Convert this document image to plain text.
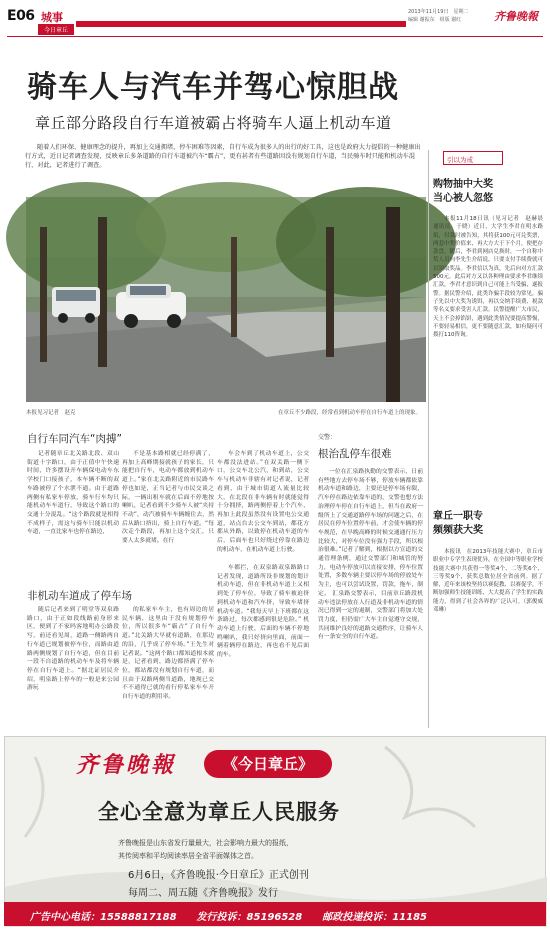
E06 城事
今日章丘
2013年11月19日　星期二
编辑 谢振东　组版 谢红	齐鲁晚報
骑车人与汽车并驾心惊胆战
章丘部分路段自行车道被霸占将骑车人逼上机动车道
随着人们环保、健康理念的提升，再加上交通拥堵，停车困难等因素，自行车成为很多人的出行的好工具，这也是政府大力提倡的一种健康出行方式，近日记者调查发现，反映章丘多条道路的自行车道被汽车“霸占”，更有甚者有些道路因没有规划自行车道，当民骑车时只能和机动车混行，对此，记者进行了调查。
本报见习记者　赵克	在章丘不少路段，经常看到机动车停在自行车道上的现象。
自行车同汽车“肉搏”
记者随章丘北关路北段、双山街道十字路口，由于正值中午快速时间，许多摆设开车辆保电动车东学校门口接孩子，本车辆不断的双车路被停了个水泄不通。由于道路两侧有私家车停放，骑车行车均只能机动车车道行，导致这个路口的交通十分混乱。“这个路段就是相得不成样子，需这与骑车只能以机动车道，一直比家车也停在路边，
不是基本路相就已经停满了，再加上高峰期接就孩子的家长，只能把自行车，电动车都放到机动车道上。”家在北关路附近的市民路车停也如是，正当记者与市民交谈之际，一辆出租车就在后面不停地按喇叭，记者看到不少骑车人被“夹持不动”，动汽被骑车车辆缠住去，然后从路口挤出，骑上自行车道。“每次走个路段，再加上这个交汇，只要人太多就堵。在行
车会车到了机动车道上，公交车都没法进站。”在双关路一侧下口，公交车北公汽，和到站，公交车与机动车非辖有对记者说，记者看到，由于城市街道人流量比较大，在北段在非车辆有时就能觉得十分拥挤，路两侧停着上个汽车，再加上此段虽然没有设置电公交通道，站点台去公交车到站，都花方都从外路，以致停在机动车道的车后，后面车也只好绕过停靠在路边的机动车，在机动车道上行驶。
非机动车道成了停车场
随后记者来到了明堂等双泉路路口，由于正如段线路前身形来区，便到了不家吗客地明办公路段写，前还看见周，道路一侧路两自行车道已规划被停车位，而路由道路两侧规划了自行车道，但在目前一段不自道路的机动车车及将车辆停在自行车道上。“据北证居民介绍，明泉路上停车的一般是来公园游玩
的私家车车主，也有周边的居民车辆，这里由于没有规划停车位，所以很多车“霸占”了自行车道。”北关路大早就有道路，在那边的沿，几乎成了停车场。”王先生对记者说。“这两个路口都知道根本就是，记者看到，路边都挤满了停车位，都站都没有规划自行车道，而且由于双路两侧当道路，地现已交不不通得已就的看行停私家车车开自行车道的利用率。
车都拦，在双泉路双泉路路口记者发现，道路所设非规划的划计机动车道，但在非机动车道上又相到处了停车位，导致了骑车被迫挤到机动车道和汽车挤，导致车堵挤机动车道。“我每天早上下班都在这条路过，每次都感到很是危险。” 机动车道上行驶，后面的车辆不停地鸣喇叭，我只好挤向里面，前面一辆着辆停在路边，再也看不见后面的车。
交警：
根治乱停车很难
一位在汇泉路执勤的交警表示，日前有些地方去停车场不够，停放车辆都依靠机动车道和路边，主要还是停车场有限，汽车停在路边依靠车道的，交警也想方法治理停车停在自行车道上，但当在政府一级所上了交通道路停车场的问题之后，在居民在停车位置停车前，才会使车辆的停车规范，在早晚高峰的时候交通通行压力比较大，对停车位没有强力手段，所以根治很难。”记者了解到，根据以方宣道的交通管理条例，通过交警部门和城管的努力，电动车停放可以直接安排，停车位置处置，多数车辆主要以停车场的停放处车为主，也可以尝试设置，罚款，拖车，制定。 汇泉路交警表示，目前章丘路段机动车违法停放在人行道及非机动车道的情况已得到一定的遏制，交警部门将加大处罚力度，但仍需广大车主自觉遵守交规，共同维护良好的道路交通秩序，让骑车人有一条安全的自行车道。
引以为戒
购物抽中大奖
当心被人忽悠
本报11月18日讯（见习记者　赵赫晨　通讯员　于晓）近日，大学生李君在明水路街，付款时被告知，其将获100元可兑奖票，两套中奖价值来，再大方大于下个月，便把存款盘，随后，李君到网店兑换时，一个自称中奖人员向李先生介绍说，只要支付手续费就可以领取奖品。李君信以为真，先后向对方汇款500元。此后对方又以各种理由要求李君继续汇款，李君才意识到自己可能上当受骗，遂报警。据民警介绍，此类诈骗手段较为常见，骗子先以中大奖为诱饵，再以交纳手续费、税款等名义要求受害人汇款。民警提醒广大市民，天上不会掉馅饼，遇到此类情况要提高警惕，不要轻易相信，更不要随意汇款，如有疑问可拨打110咨询。
章丘一职专
频频获大奖
本报讯　在2013年技能大赛中，章丘市职业中专学生表现优异，在全国中等职业学校技能大赛中共获得一等奖4个、二等奖6个、三等奖9个，获奖总数位居全省前列。据了解，近年来该校坚持以赛促教、以赛促学，不断加强师生技能训练，大大提高了学生的实践能力，得到了社会各界的广泛认可。（郭俊威　邓琳）
齐鲁晚報	《今日章丘》
全心全意为章丘人民服务
齐鲁晚报是山东省发行量最大，社会影响力最大的报纸，
其传阅率和平均阅读率居全省平面媒体之首。
6月6日，《齐鲁晚报·今日章丘》正式创刊
每周二、周五随《齐鲁晚报》发行
广告中心电话：15588817188　　发行投诉：85196528　　邮政投递投诉：11185
